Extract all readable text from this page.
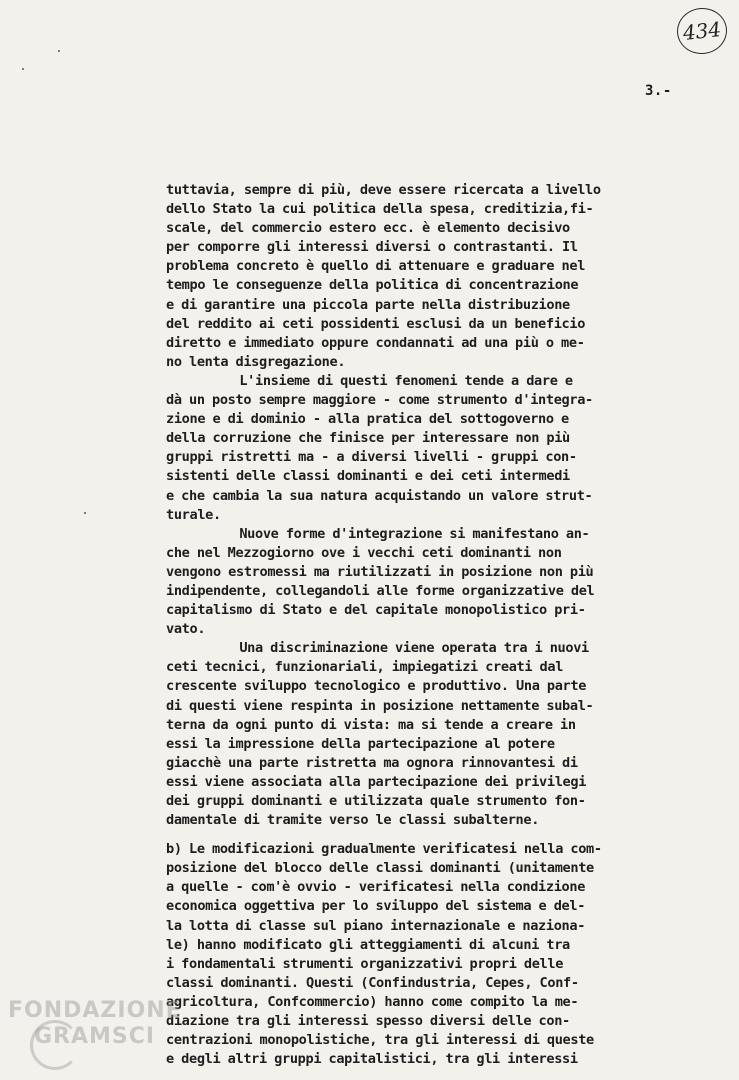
434
3.-
tuttavia, sempre di più, deve essere ricercata a livello
dello Stato la cui politica della spesa, creditizia,fi-
scale, del commercio estero ecc. è elemento decisivo
per comporre gli interessi diversi o contrastanti. Il
problema concreto è quello di attenuare e graduare nel
tempo le conseguenze della politica di concentrazione
e di garantire una piccola parte nella distribuzione
del reddito ai ceti possidenti esclusi da un beneficio
diretto e immediato oppure condannati ad una più o me-
no lenta disgregazione.
L'insieme di questi fenomeni tende a dare e
dà un posto sempre maggiore - come strumento d'integra-
zione e di dominio - alla pratica del sottogoverno e
della corruzione che finisce per interessare non più
gruppi ristretti ma - a diversi livelli - gruppi con-
sistenti delle classi dominanti e dei ceti intermedi
e che cambia la sua natura acquistando un valore strut-
turale.
Nuove forme d'integrazione si manifestano an-
che nel Mezzogiorno ove i vecchi ceti dominanti non
vengono estromessi ma riutilizzati in posizione non più
indipendente, collegandoli alle forme organizzative del
capitalismo di Stato e del capitale monopolistico pri-
vato.
Una discriminazione viene operata tra i nuovi
ceti tecnici, funzionariali, impiegatizi creati dal
crescente sviluppo tecnologico e produttivo. Una parte
di questi viene respinta in posizione nettamente subal-
terna da ogni punto di vista: ma si tende a creare in
essi la impressione della partecipazione al potere
giacchè una parte ristretta ma ognora rinnovantesi di
essi viene associata alla partecipazione dei privilegi
dei gruppi dominanti e utilizzata quale strumento fon-
damentale di tramite verso le classi subalterne.
b) Le modificazioni gradualmente verificatesi nella com-
posizione del blocco delle classi dominanti (unitamente
a quelle - com'è ovvio - verificatesi nella condizione
economica oggettiva per lo sviluppo del sistema e del-
la lotta di classe sul piano internazionale e naziona-
le) hanno modificato gli atteggiamenti di alcuni tra
i fondamentali strumenti organizzativi propri delle
classi dominanti. Questi (Confindustria, Cepes, Conf-
agricoltura, Confcommercio) hanno come compito la me-
diazione tra gli interessi spesso diversi delle con-
centrazioni monopolistiche, tra gli interessi di queste
e degli altri gruppi capitalistici, tra gli interessi
FONDAZIONE
GRAMSCI
